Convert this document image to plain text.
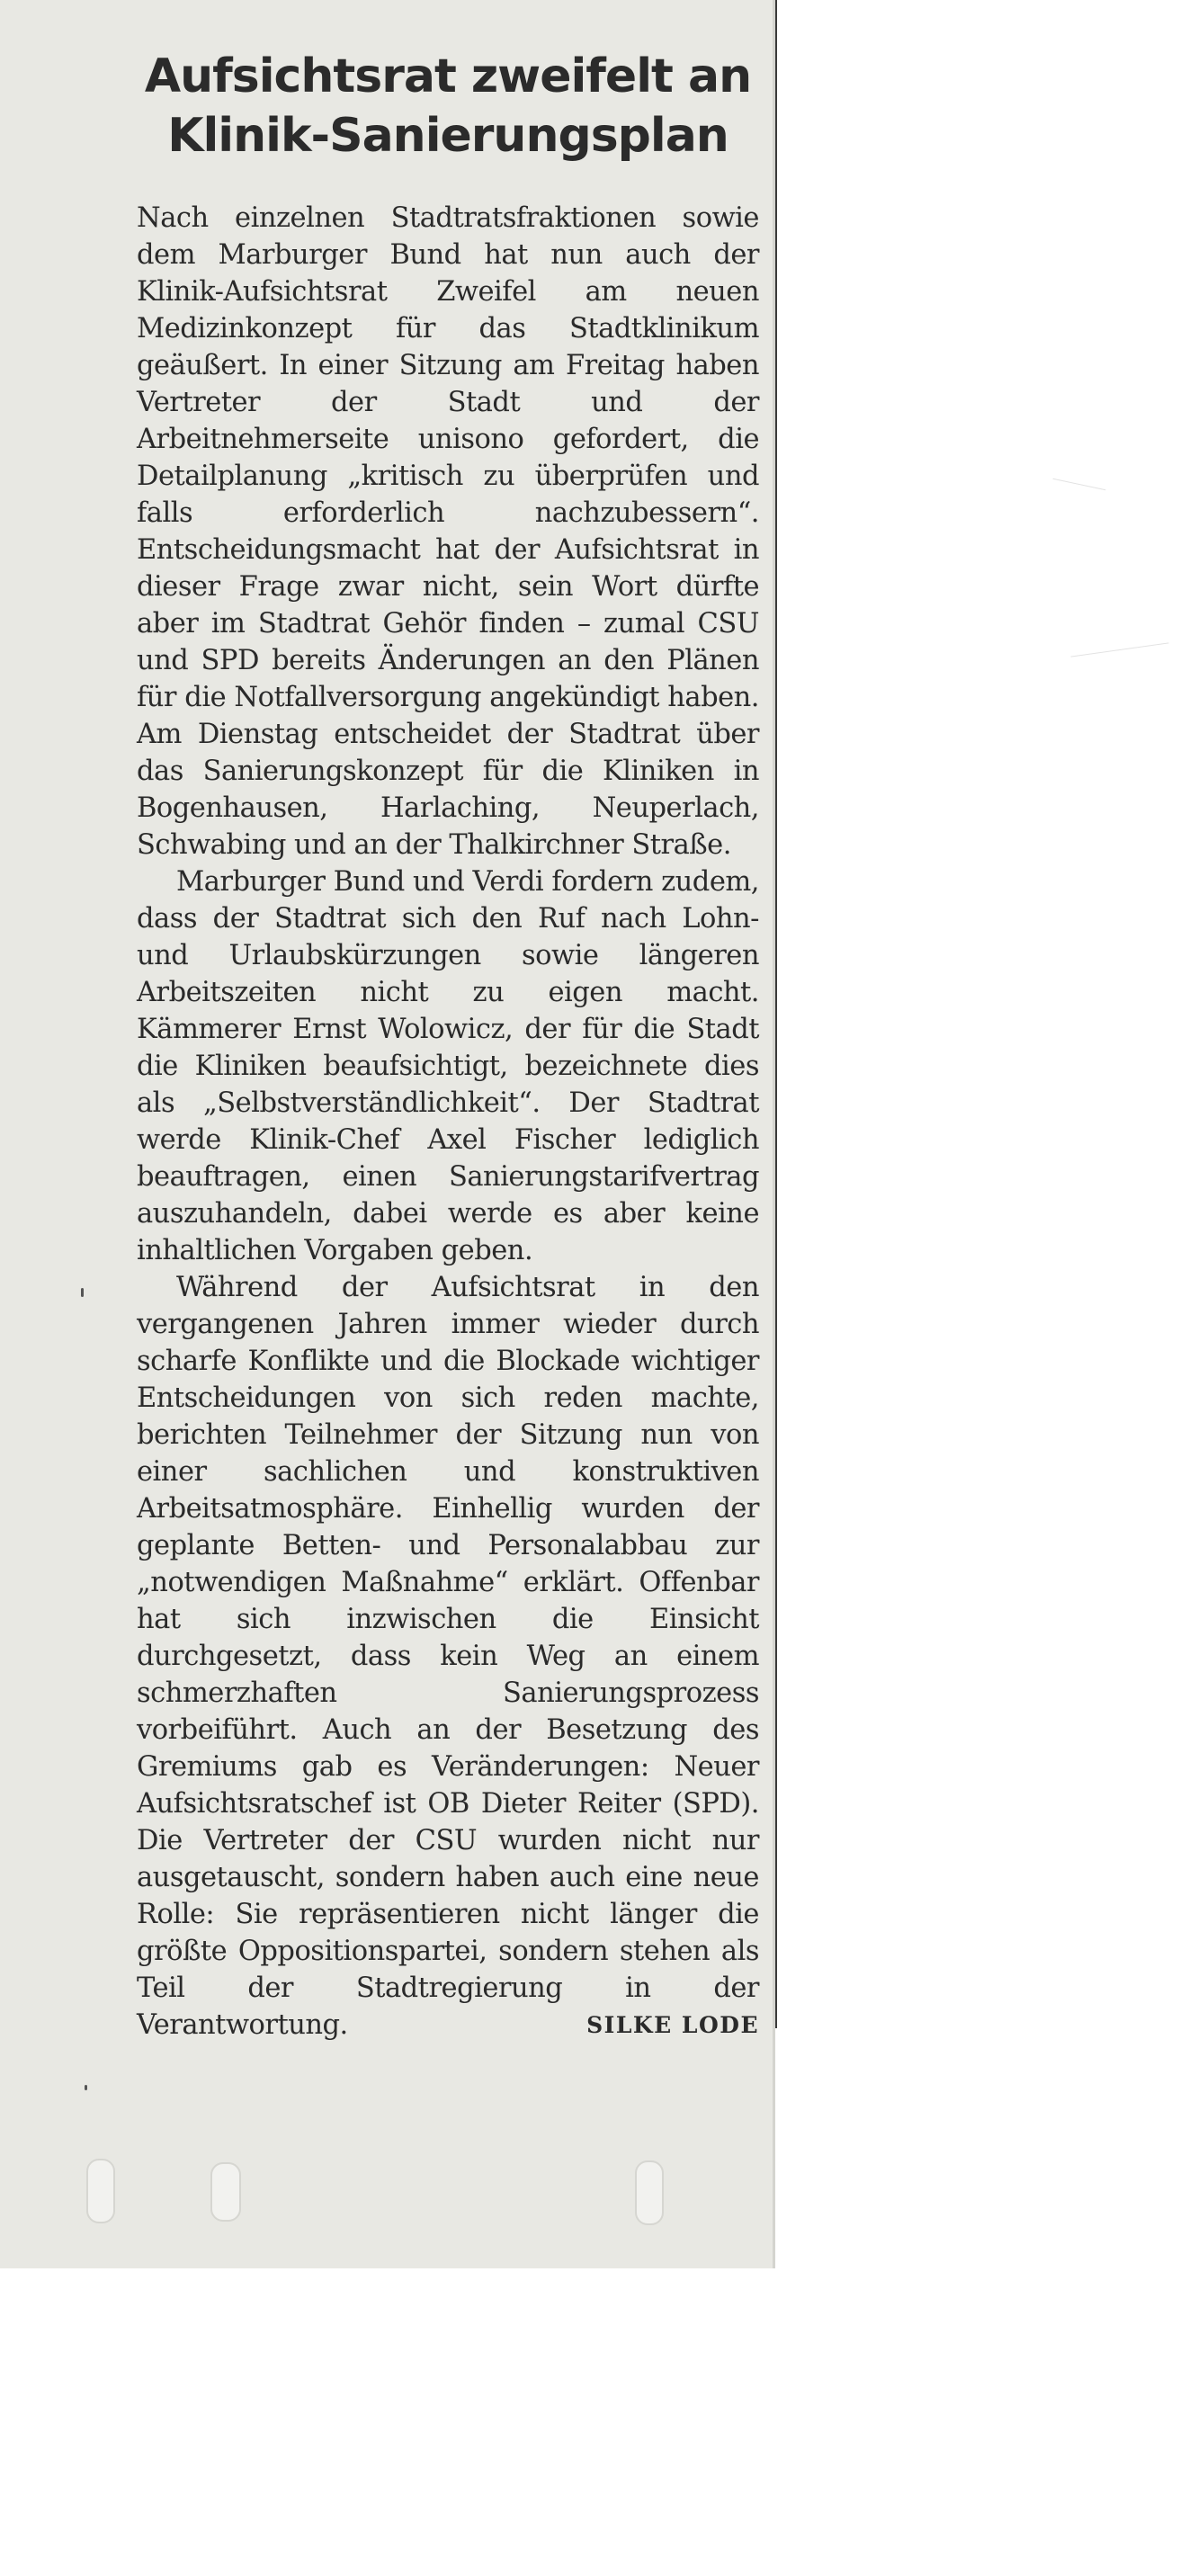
Aufsichtsrat zweifelt an
Klinik-Sanierungsplan

Nach einzelnen Stadtratsfraktionen sowie dem Marburger Bund hat nun auch der Klinik-Aufsichtsrat Zweifel am neuen Medizinkonzept für das Stadtklinikum geäußert. In einer Sitzung am Freitag haben Vertreter der Stadt und der Arbeitnehmerseite unisono gefordert, die Detailplanung „kritisch zu überprüfen und falls erforderlich nachzubessern“. Entscheidungsmacht hat der Aufsichtsrat in dieser Frage zwar nicht, sein Wort dürfte aber im Stadtrat Gehör finden – zumal CSU und SPD bereits Änderungen an den Plänen für die Notfallversorgung angekündigt haben. Am Dienstag entscheidet der Stadtrat über das Sanierungskonzept für die Kliniken in Bogenhausen, Harlaching, Neuperlach, Schwabing und an der Thalkirchner Straße.

Marburger Bund und Verdi fordern zudem, dass der Stadtrat sich den Ruf nach Lohn- und Urlaubskürzungen sowie längeren Arbeitszeiten nicht zu eigen macht. Kämmerer Ernst Wolowicz, der für die Stadt die Kliniken beaufsichtigt, bezeichnete dies als „Selbstverständlichkeit“. Der Stadtrat werde Klinik-Chef Axel Fischer lediglich beauftragen, einen Sanierungstarifvertrag auszuhandeln, dabei werde es aber keine inhaltlichen Vorgaben geben.

Während der Aufsichtsrat in den vergangenen Jahren immer wieder durch scharfe Konflikte und die Blockade wichtiger Entscheidungen von sich reden machte, berichten Teilnehmer der Sitzung nun von einer sachlichen und konstruktiven Arbeitsatmosphäre. Einhellig wurden der geplante Betten- und Personalabbau zur „notwendigen Maßnahme“ erklärt. Offenbar hat sich inzwischen die Einsicht durchgesetzt, dass kein Weg an einem schmerzhaften Sanierungsprozess vorbeiführt. Auch an der Besetzung des Gremiums gab es Veränderungen: Neuer Aufsichtsratschef ist OB Dieter Reiter (SPD). Die Vertreter der CSU wurden nicht nur ausgetauscht, sondern haben auch eine neue Rolle: Sie repräsentieren nicht länger die größte Oppositionspartei, sondern stehen als Teil der Stadtregierung in der Verantwortung.	SILKE LODE
